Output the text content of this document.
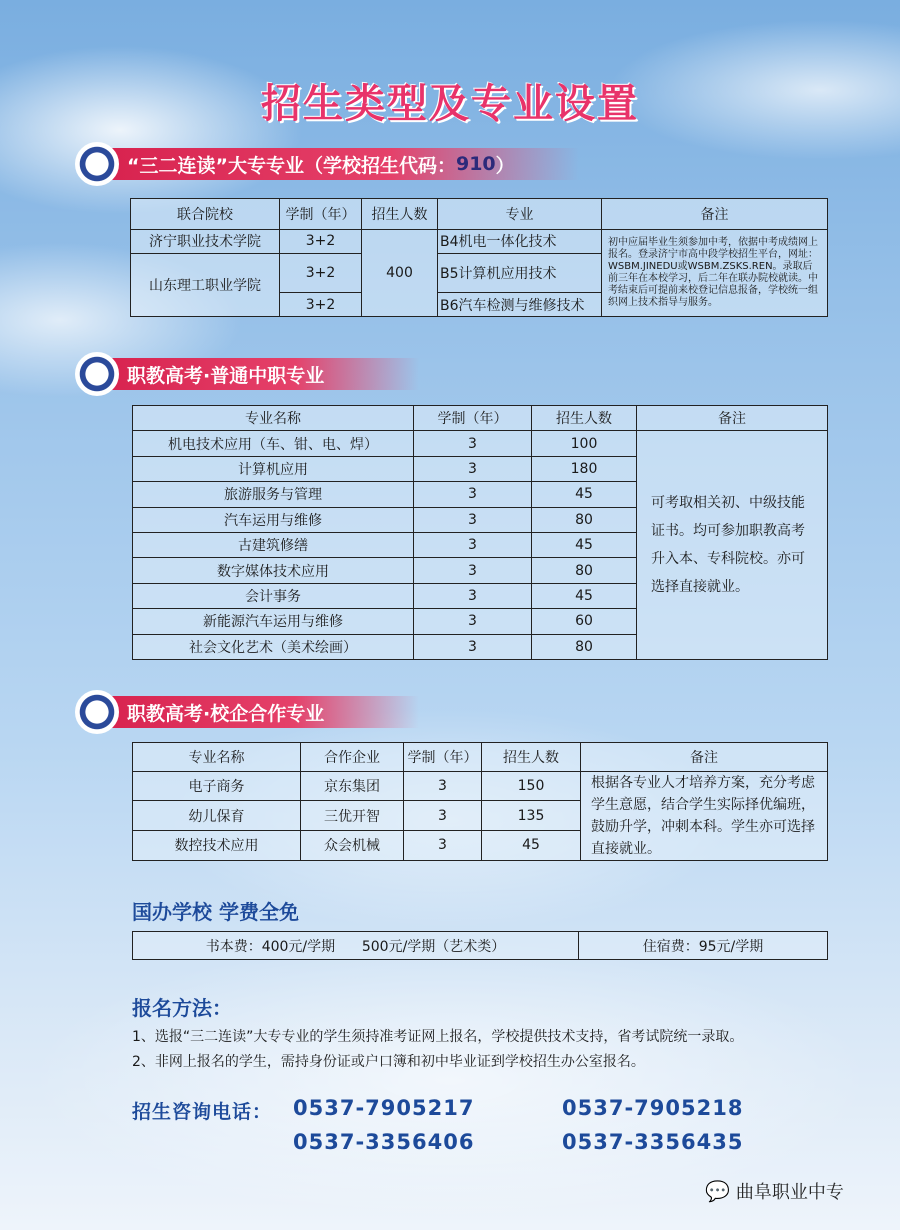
招生类型及专业设置
“三二连读”大专专业（学校招生代码： 910 ）
联合院校	学制（年）	招生人数	专业	备注
济宁职业技术学院	3+2	400	B4机电一体化技术	初中应届毕业生须参加中考，依据中考成绩网上报名。登录济宁市高中段学校招生平台，网址：WSBM.JINEDU或WSBM.ZSKS.REN。录取后前三年在本校学习，后二年在联办院校就读。中考结束后可提前来校登记信息报备，学校统一组织网上技术指导与服务。
山东理工职业学院	3+2		B5计算机应用技术	
	3+2		B6汽车检测与维修技术	
职教高考·普通中职专业
专业名称	学制（年）	招生人数	备注
机电技术应用（车、钳、电、焊）	3	100	可考取相关初、中级技能证书。均可参加职教高考升入本、专科院校。亦可选择直接就业。
计算机应用	3	180	
旅游服务与管理	3	45	
汽车运用与维修	3	80	
古建筑修缮	3	45	
数字媒体技术应用	3	80	
会计事务	3	45	
新能源汽车运用与维修	3	60	
社会文化艺术（美术绘画）	3	80	
职教高考·校企合作专业
专业名称	合作企业	学制（年）	招生人数	备注
电子商务	京东集团	3	150	根据各专业人才培养方案，充分考虑学生意愿，结合学生实际择优编班，鼓励升学，冲刺本科。学生亦可选择直接就业。
幼儿保育	三优开智	3	135	
数控技术应用	众会机械	3	45	
国办学校 学费全免
书本费：400元/学期      500元/学期（艺术类）	住宿费：95元/学期
报名方法：
1、选报“三二连读”大专专业的学生须持准考证网上报名，学校提供技术支持，省考试院统一录取。
2、非网上报名的学生，需持身份证或户口簿和初中毕业证到学校招生办公室报名。
招生咨询电话： 0537-7905217	0537-7905218
0537-3356406	0537-3356435
💬 曲阜职业中专
